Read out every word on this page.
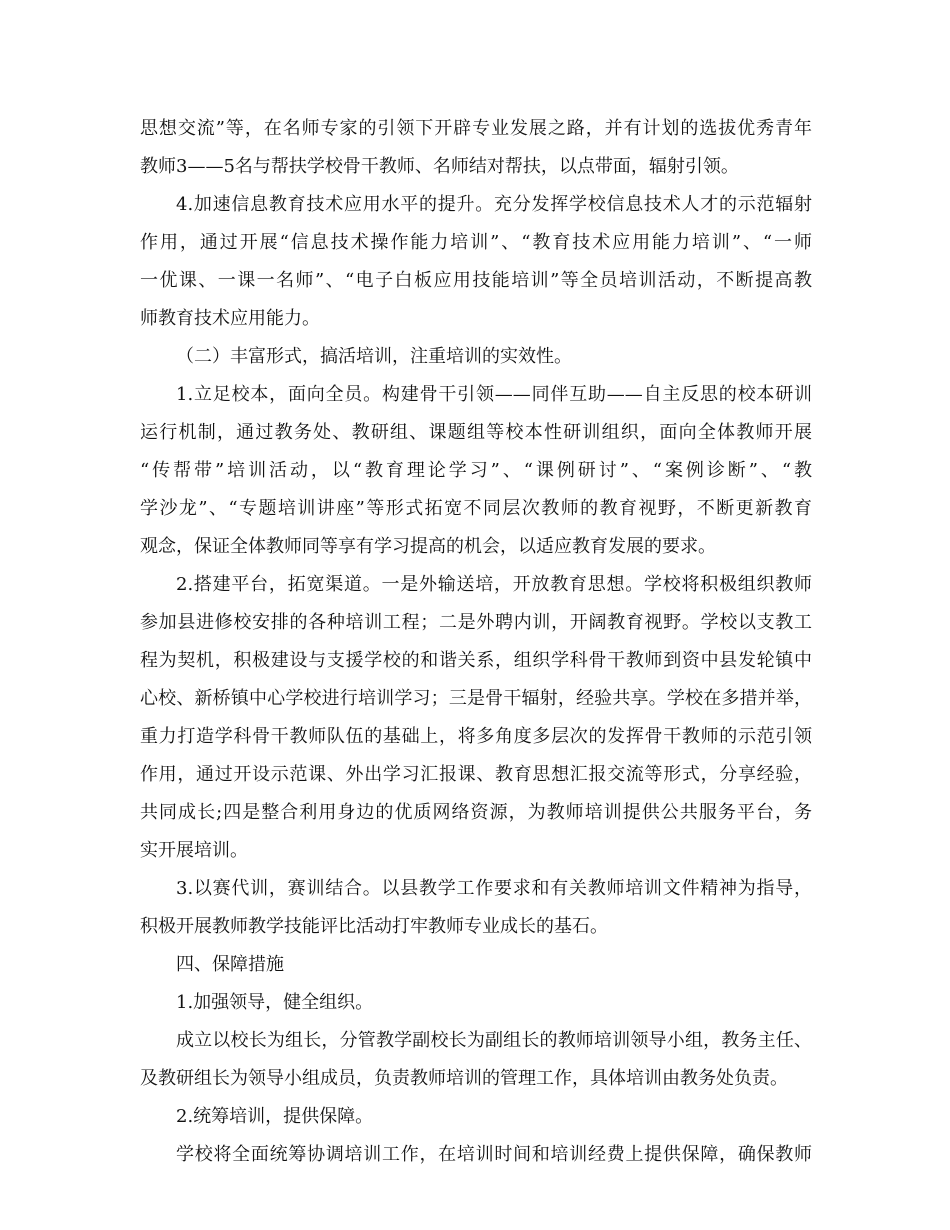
思想交流”等，在名师专家的引领下开辟专业发展之路，并有计划的选拔优秀青年
教师3——5名与帮扶学校骨干教师、名师结对帮扶，以点带面，辐射引领。
4.加速信息教育技术应用水平的提升。充分发挥学校信息技术人才的示范辐射
作用，通过开展“信息技术操作能力培训”、“教育技术应用能力培训”、“一师
一优课、一课一名师”、“电子白板应用技能培训”等全员培训活动，不断提高教
师教育技术应用能力。
（二）丰富形式，搞活培训，注重培训的实效性。
1.立足校本，面向全员。构建骨干引领——同伴互助——自主反思的校本研训
运行机制，通过教务处、教研组、课题组等校本性研训组织，面向全体教师开展
“传帮带”培训活动，以“教育理论学习”、“课例研讨”、“案例诊断”、“教
学沙龙”、“专题培训讲座”等形式拓宽不同层次教师的教育视野，不断更新教育
观念，保证全体教师同等享有学习提高的机会，以适应教育发展的要求。
2.搭建平台，拓宽渠道。一是外输送培，开放教育思想。学校将积极组织教师
参加县进修校安排的各种培训工程；二是外聘内训，开阔教育视野。学校以支教工
程为契机，积极建设与支援学校的和谐关系，组织学科骨干教师到资中县发轮镇中
心校、新桥镇中心学校进行培训学习；三是骨干辐射，经验共享。学校在多措并举，
重力打造学科骨干教师队伍的基础上，将多角度多层次的发挥骨干教师的示范引领
作用，通过开设示范课、外出学习汇报课、教育思想汇报交流等形式，分享经验，
共同成长;四是整合利用身边的优质网络资源，为教师培训提供公共服务平台，务
实开展培训。
3.以赛代训，赛训结合。以县教学工作要求和有关教师培训文件精神为指导，
积极开展教师教学技能评比活动打牢教师专业成长的基石。
四、保障措施
1.加强领导，健全组织。
成立以校长为组长，分管教学副校长为副组长的教师培训领导小组，教务主任、
及教研组长为领导小组成员，负责教师培训的管理工作，具体培训由教务处负责。
2.统筹培训，提供保障。
学校将全面统筹协调培训工作，在培训时间和培训经费上提供保障，确保教师
